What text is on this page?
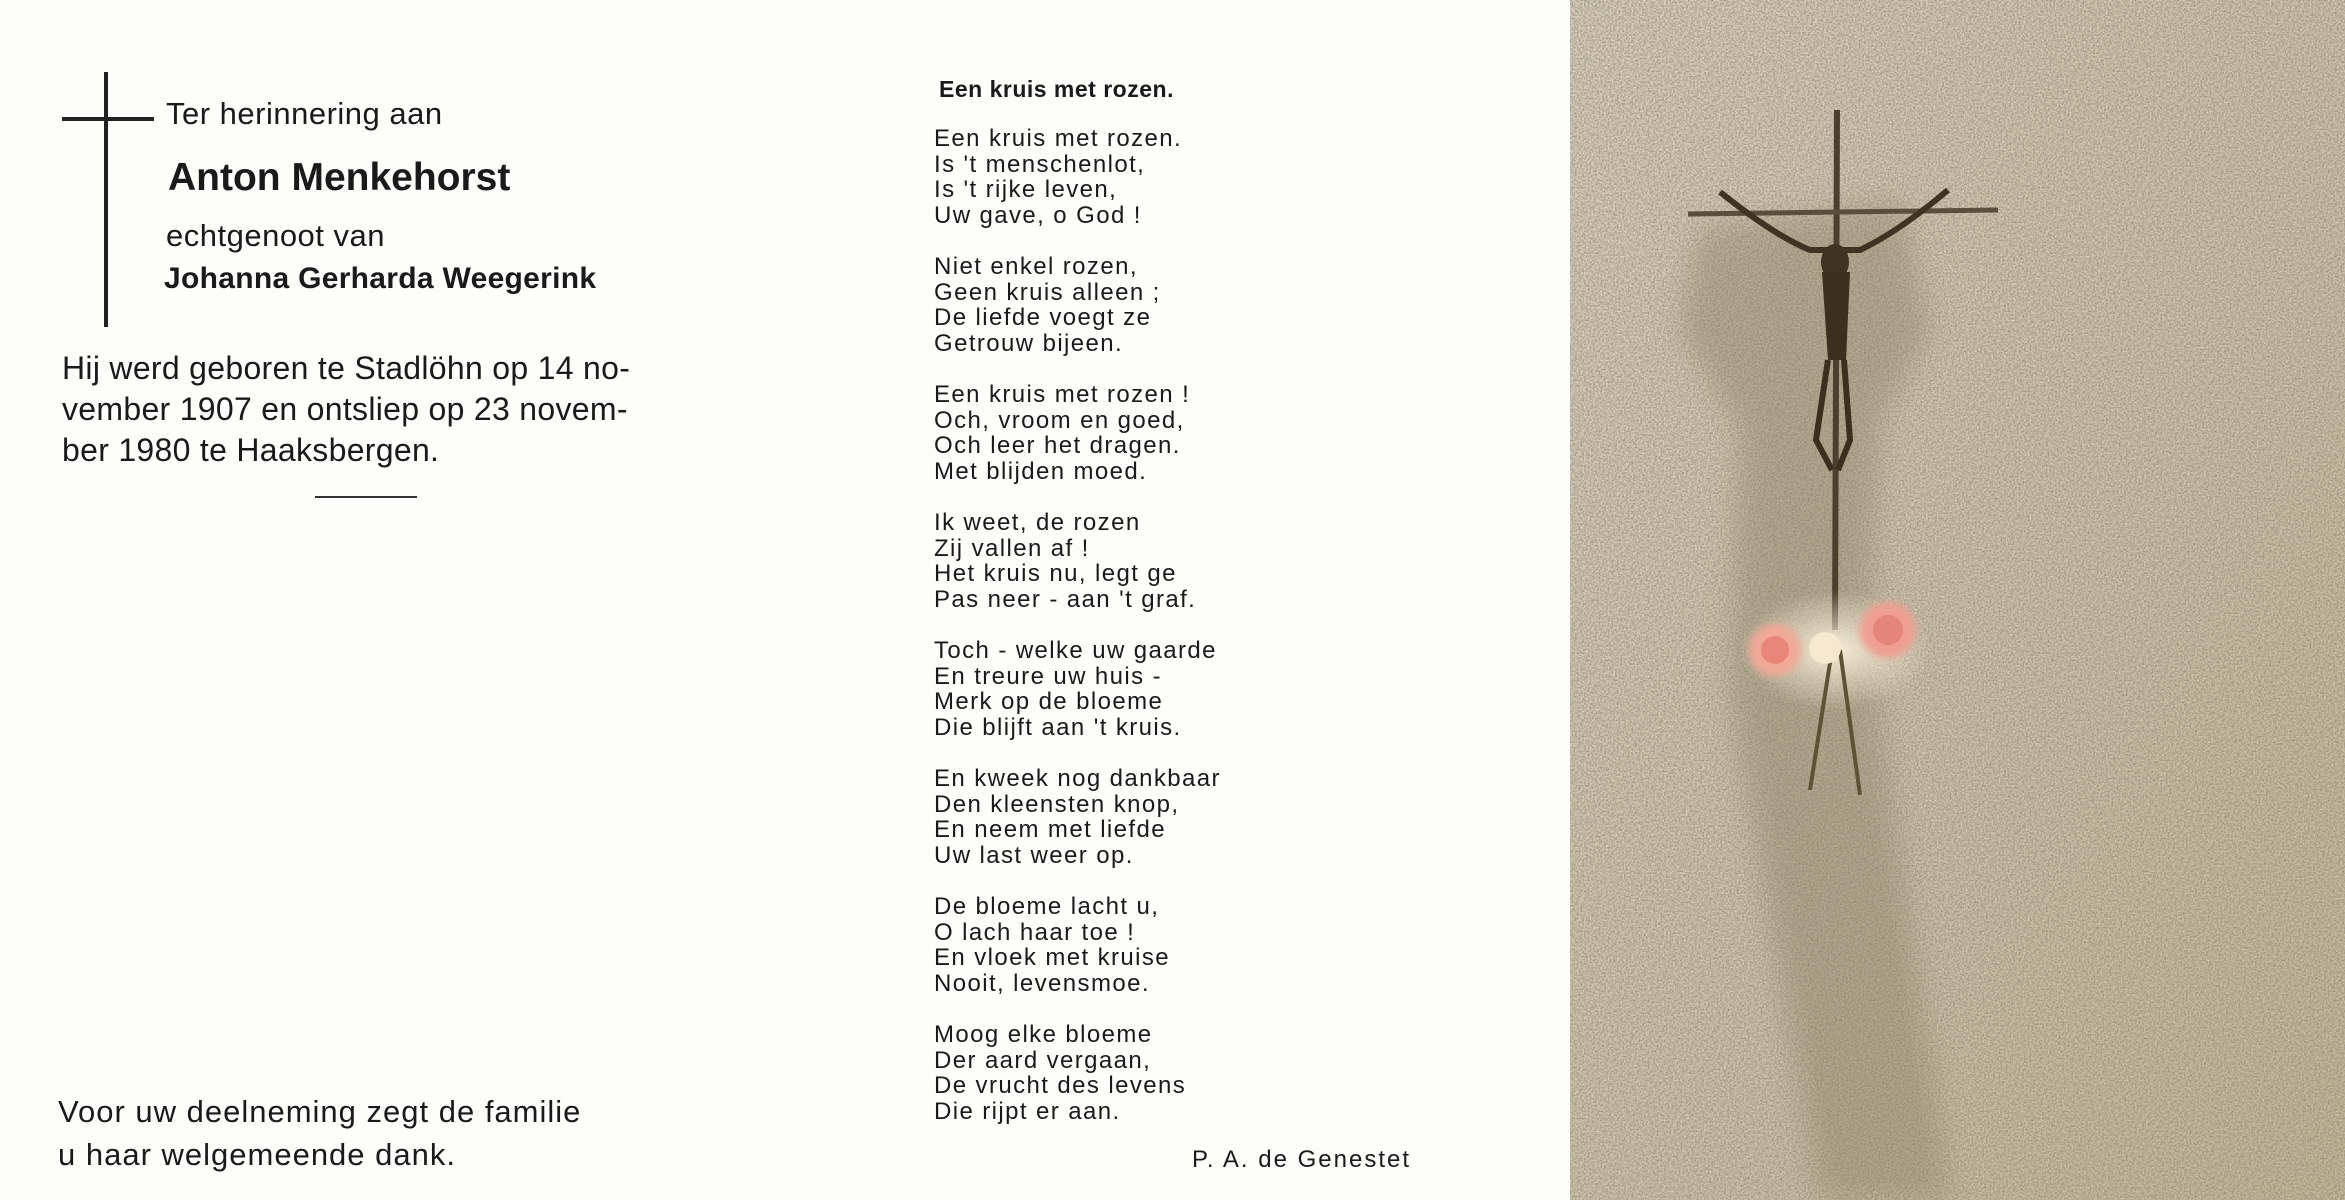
Ter herinnering aan
Anton Menkehorst
echtgenoot van
Johanna Gerharda Weegerink
Hij werd geboren te Stadlöhn op 14 no-
vember 1907 en ontsliep op 23 novem-
ber 1980 te Haaksbergen.
Voor uw deelneming zegt de familie
u haar welgemeende dank.
Een kruis met rozen.

Een kruis met rozen.
Is 't menschenlot,
Is 't rijke leven,
Uw gave, o God !

Niet enkel rozen,
Geen kruis alleen ;
De liefde voegt ze
Getrouw bijeen.

Een kruis met rozen !
Och, vroom en goed,
Och leer het dragen.
Met blijden moed.

Ik weet, de rozen
Zij vallen af !
Het kruis nu, legt ge
Pas neer - aan 't graf.

Toch - welke uw gaarde
En treure uw huis -
Merk op de bloeme
Die blijft aan 't kruis.

En kweek nog dankbaar
Den kleensten knop,
En neem met liefde
Uw last weer op.

De bloeme lacht u,
O lach haar toe !
En vloek met kruise
Nooit, levensmoe.

Moog elke bloeme
Der aard vergaan,
De vrucht des levens
Die rijpt er aan.

P. A. de Genestet
